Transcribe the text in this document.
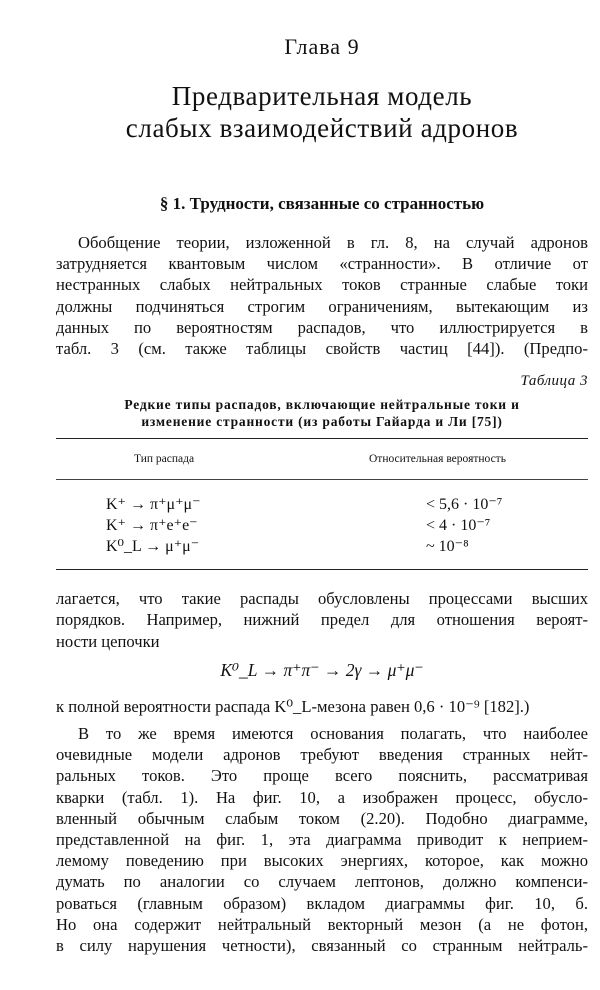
Глава 9
Предварительная модель
слабых взаимодействий адронов
§ 1. Трудности, связанные со странностью
Обобщение теории, изложенной в гл. 8, на случай адронов
затрудняется квантовым числом «странности». В отличие от
нестранных слабых нейтральных токов странные слабые токи
должны подчиняться строгим ограничениям, вытекающим из
данных по вероятностям распадов, что иллюстрируется в
табл. 3 (см. также таблицы свойств частиц [44]). (Предпо-
Таблица 3
Редкие типы распадов, включающие нейтральные токи и
изменение странности (из работы Гайарда и Ли [75])
Тип распада	Относительная вероятность
K⁺ → π⁺μ⁺μ⁻	< 5,6 · 10⁻⁷
K⁺ → π⁺e⁺e⁻	< 4 · 10⁻⁷
K⁰_L → μ⁺μ⁻	~ 10⁻⁸
лагается, что такие распады обусловлены процессами высших
порядков. Например, нижний предел для отношения вероят-
ности цепочки
K⁰_L → π⁺π⁻ → 2γ → μ⁺μ⁻
к полной вероятности распада K⁰_L-мезона равен 0,6 · 10⁻⁹ [182].)
В то же время имеются основания полагать, что наиболее
очевидные модели адронов требуют введения странных нейт-
ральных токов. Это проще всего пояснить, рассматривая
кварки (табл. 1). На фиг. 10, а изображен процесс, обусло-
вленный обычным слабым током (2.20). Подобно диаграмме,
представленной на фиг. 1, эта диаграмма приводит к неприем-
лемому поведению при высоких энергиях, которое, как можно
думать по аналогии со случаем лептонов, должно компенси-
роваться (главным образом) вкладом диаграммы фиг. 10, б.
Но она содержит нейтральный векторный мезон (а не фотон,
в силу нарушения четности), связанный со странным нейтраль-
